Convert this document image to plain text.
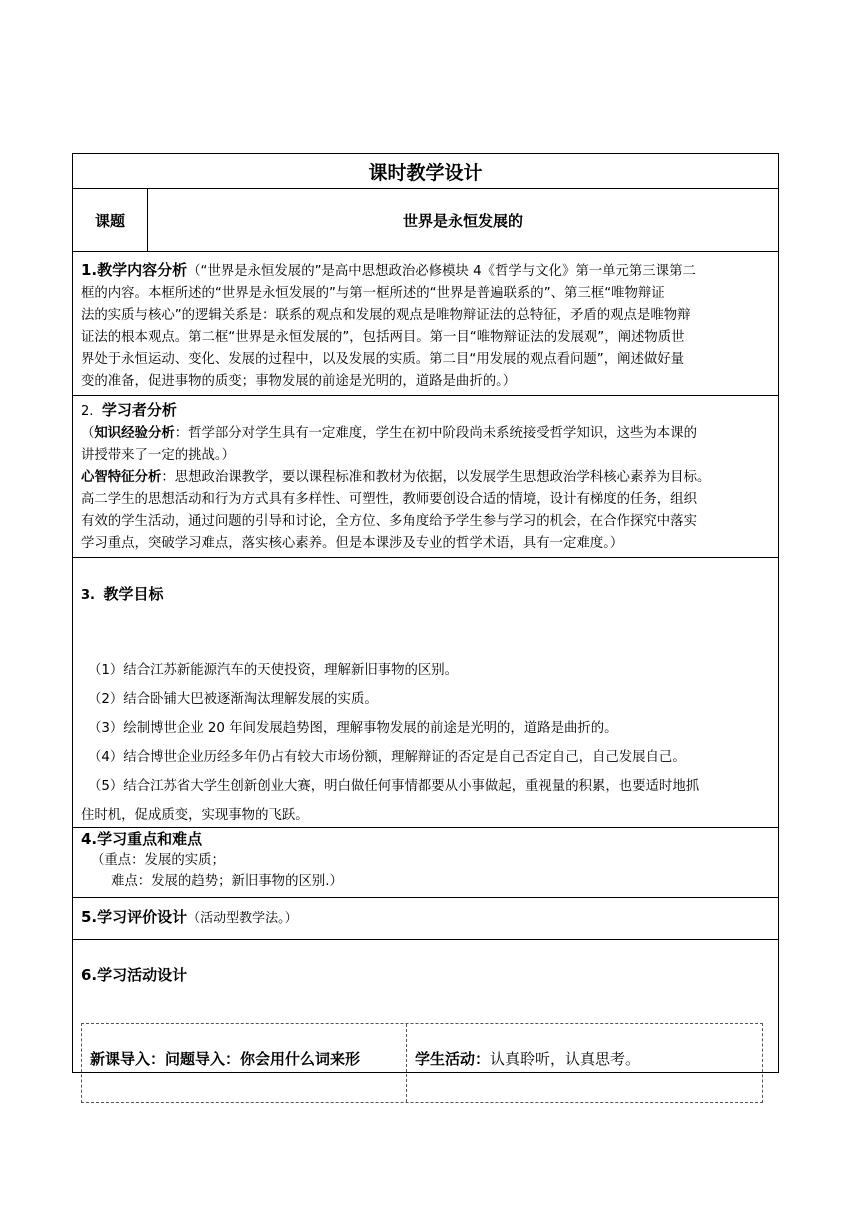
课时教学设计
课题	世界是永恒发展的
1.教学内容分析（“世界是永恒发展的”是高中思想政治必修模块 4《哲学与文化》第一单元第三课第二
框的内容。本框所述的“世界是永恒发展的”与第一框所述的“世界是普遍联系的”、第三框“唯物辩证
法的实质与核心”的逻辑关系是：联系的观点和发展的观点是唯物辩证法的总特征，矛盾的观点是唯物辩
证法的根本观点。第二框“世界是永恒发展的”，包括两目。第一目“唯物辩证法的发展观”，阐述物质世
界处于永恒运动、变化、发展的过程中，以及发展的实质。第二目“用发展的观点看问题”，阐述做好量
变的准备，促进事物的质变；事物发展的前途是光明的，道路是曲折的。）
2. 学习者分析
（知识经验分析：哲学部分对学生具有一定难度，学生在初中阶段尚未系统接受哲学知识，这些为本课的
讲授带来了一定的挑战。）
心智特征分析：思想政治课教学，要以课程标准和教材为依据，以发展学生思想政治学科核心素养为目标。
高二学生的思想活动和行为方式具有多样性、可塑性，教师要创设合适的情境，设计有梯度的任务，组织
有效的学生活动，通过问题的引导和讨论，全方位、多角度给予学生参与学习的机会，在合作探究中落实
学习重点，突破学习难点，落实核心素养。但是本课涉及专业的哲学术语，具有一定难度。）
3. 教学目标
（1）结合江苏新能源汽车的天使投资，理解新旧事物的区别。
（2）结合卧铺大巴被逐渐淘汰理解发展的实质。
（3）绘制博世企业 20 年间发展趋势图，理解事物发展的前途是光明的，道路是曲折的。
（4）结合博世企业历经多年仍占有较大市场份额，理解辩证的否定是自己否定自己，自己发展自己。
（5）结合江苏省大学生创新创业大赛，明白做任何事情都要从小事做起，重视量的积累，也要适时地抓
住时机，促成质变，实现事物的飞跃。
4.学习重点和难点
（重点：发展的实质；
难点：发展的趋势；新旧事物的区别.）
5.学习评价设计（活动型教学法。）
6.学习活动设计
新课导入：问题导入：你会用什么词来形	学生活动：认真聆听，认真思考。
